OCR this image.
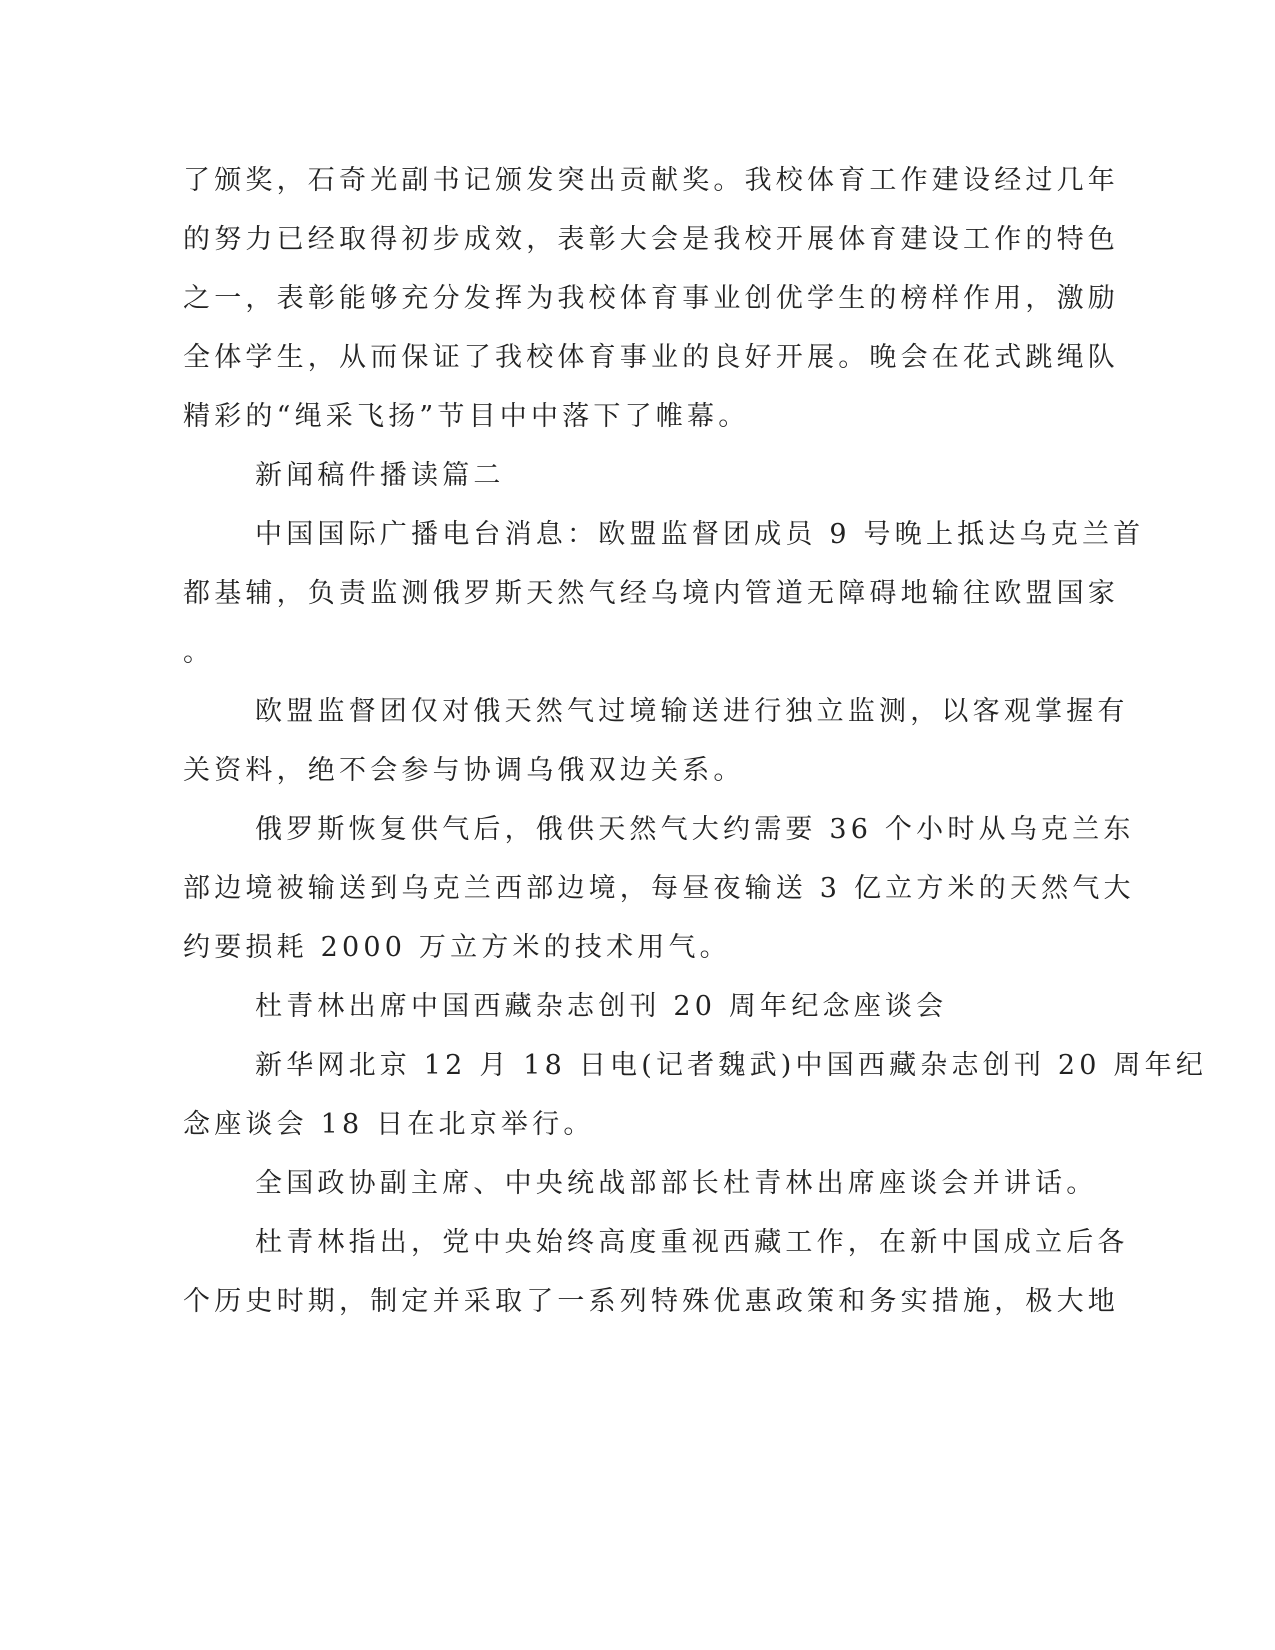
了颁奖，石奇光副书记颁发突出贡献奖。我校体育工作建设经过几年
的努力已经取得初步成效，表彰大会是我校开展体育建设工作的特色
之一，表彰能够充分发挥为我校体育事业创优学生的榜样作用，激励
全体学生，从而保证了我校体育事业的良好开展。晚会在花式跳绳队
精彩的“绳采飞扬”节目中中落下了帷幕。
新闻稿件播读篇二
中国国际广播电台消息：欧盟监督团成员 9 号晚上抵达乌克兰首
都基辅，负责监测俄罗斯天然气经乌境内管道无障碍地输往欧盟国家
。
欧盟监督团仅对俄天然气过境输送进行独立监测，以客观掌握有
关资料，绝不会参与协调乌俄双边关系。
俄罗斯恢复供气后，俄供天然气大约需要 36 个小时从乌克兰东
部边境被输送到乌克兰西部边境，每昼夜输送 3 亿立方米的天然气大
约要损耗 2000 万立方米的技术用气。
杜青林出席中国西藏杂志创刊 20 周年纪念座谈会
新华网北京 12 月 18 日电(记者魏武)中国西藏杂志创刊 20 周年纪
念座谈会 18 日在北京举行。
全国政协副主席、中央统战部部长杜青林出席座谈会并讲话。
杜青林指出，党中央始终高度重视西藏工作，在新中国成立后各
个历史时期，制定并采取了一系列特殊优惠政策和务实措施，极大地
